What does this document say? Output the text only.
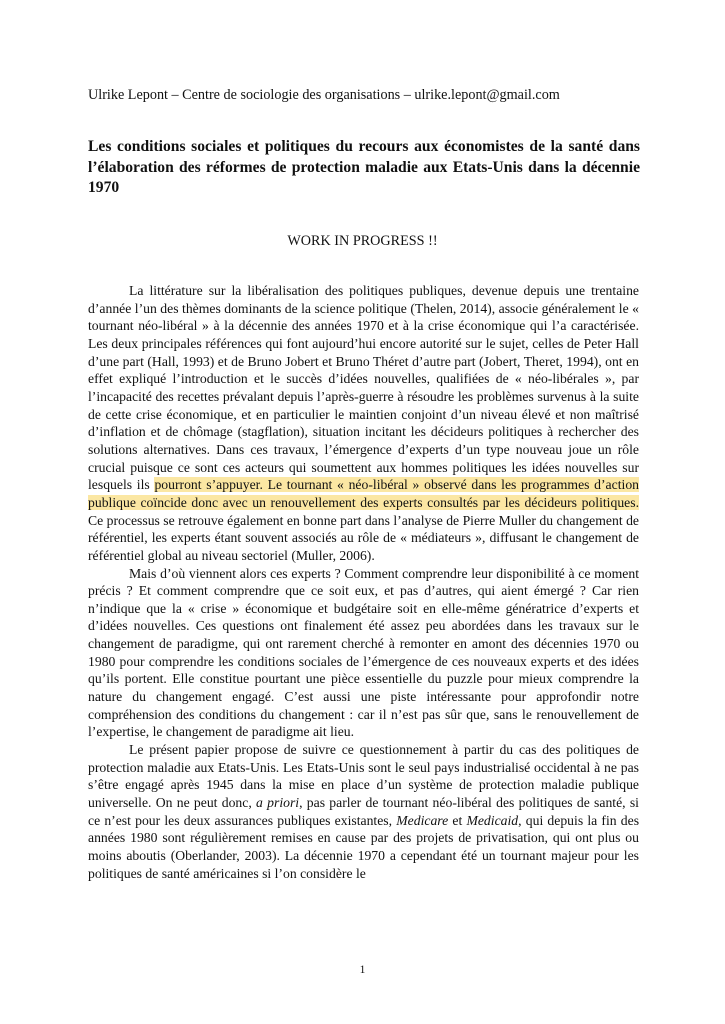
Ulrike Lepont – Centre de sociologie des organisations – ulrike.lepont@gmail.com
Les conditions sociales et politiques du recours aux économistes de la santé dans l’élaboration des réformes de protection maladie aux Etats-Unis dans la décennie 1970
WORK IN PROGRESS !!

La littérature sur la libéralisation des politiques publiques, devenue depuis une trentaine d’année l’un des thèmes dominants de la science politique (Thelen, 2014), associe généralement le « tournant néo-libéral » à la décennie des années 1970 et à la crise économique qui l’a caractérisée. Les deux principales références qui font aujourd’hui encore autorité sur le sujet, celles de Peter Hall d’une part (Hall, 1993) et de Bruno Jobert et Bruno Théret d’autre part (Jobert, Theret, 1994), ont en effet expliqué l’introduction et le succès d’idées nouvelles, qualifiées de « néo-libérales », par l’incapacité des recettes prévalant depuis l’après-guerre à résoudre les problèmes survenus à la suite de cette crise économique, et en particulier le maintien conjoint d’un niveau élevé et non maîtrisé d’inflation et de chômage (stagflation), situation incitant les décideurs politiques à rechercher des solutions alternatives. Dans ces travaux, l’émergence d’experts d’un type nouveau joue un rôle crucial puisque ce sont ces acteurs qui soumettent aux hommes politiques les idées nouvelles sur lesquels ils pourront s’appuyer. Le tournant « néo-libéral » observé dans les programmes d’action publique coïncide donc avec un renouvellement des experts consultés par les décideurs politiques. Ce processus se retrouve également en bonne part dans l’analyse de Pierre Muller du changement de référentiel, les experts étant souvent associés au rôle de « médiateurs », diffusant le changement de référentiel global au niveau sectoriel (Muller, 2006).

Mais d’où viennent alors ces experts ? Comment comprendre leur disponibilité à ce moment précis ? Et comment comprendre que ce soit eux, et pas d’autres, qui aient émergé ? Car rien n’indique que la « crise » économique et budgétaire soit en elle-même génératrice d’experts et d’idées nouvelles. Ces questions ont finalement été assez peu abordées dans les travaux sur le changement de paradigme, qui ont rarement cherché à remonter en amont des décennies 1970 ou 1980 pour comprendre les conditions sociales de l’émergence de ces nouveaux experts et des idées qu’ils portent. Elle constitue pourtant une pièce essentielle du puzzle pour mieux comprendre la nature du changement engagé. C’est aussi une piste intéressante pour approfondir notre compréhension des conditions du changement : car il n’est pas sûr que, sans le renouvellement de l’expertise, le changement de paradigme ait lieu.

Le présent papier propose de suivre ce questionnement à partir du cas des politiques de protection maladie aux Etats-Unis. Les Etats-Unis sont le seul pays industrialisé occidental à ne pas s’être engagé après 1945 dans la mise en place d’un système de protection maladie publique universelle. On ne peut donc, a priori, pas parler de tournant néo-libéral des politiques de santé, si ce n’est pour les deux assurances publiques existantes, Medicare et Medicaid, qui depuis la fin des années 1980 sont régulièrement remises en cause par des projets de privatisation, qui ont plus ou moins aboutis (Oberlander, 2003). La décennie 1970 a cependant été un tournant majeur pour les politiques de santé américaines si l’on considère le

1
